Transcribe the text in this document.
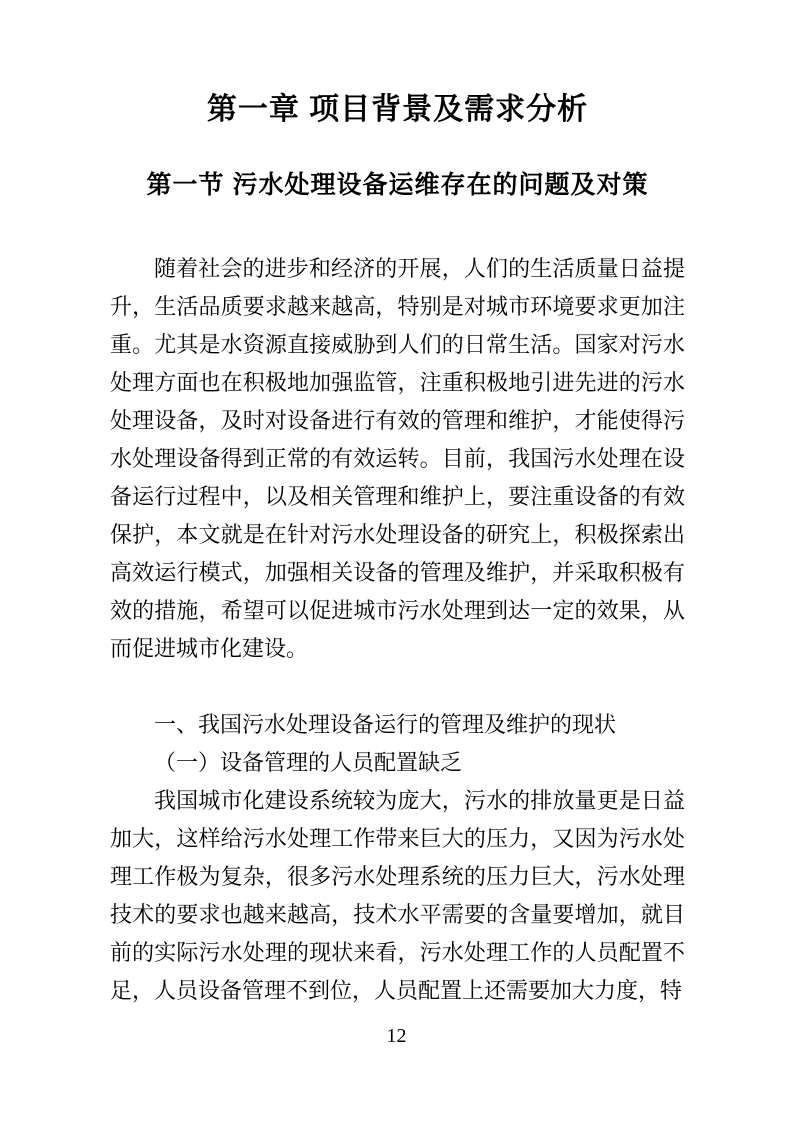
第一章 项目背景及需求分析
第一节 污水处理设备运维存在的问题及对策

随着社会的进步和经济的开展，人们的生活质量日益提升，生活品质要求越来越高，特别是对城市环境要求更加注重。尤其是水资源直接威胁到人们的日常生活。国家对污水处理方面也在积极地加强监管，注重积极地引进先进的污水处理设备，及时对设备进行有效的管理和维护，才能使得污水处理设备得到正常的有效运转。目前，我国污水处理在设备运行过程中，以及相关管理和维护上，要注重设备的有效保护，本文就是在针对污水处理设备的研究上，积极探索出高效运行模式，加强相关设备的管理及维护，并采取积极有效的措施，希望可以促进城市污水处理到达一定的效果，从而促进城市化建设。

一、我国污水处理设备运行的管理及维护的现状

（一）设备管理的人员配置缺乏

我国城市化建设系统较为庞大，污水的排放量更是日益加大，这样给污水处理工作带来巨大的压力，又因为污水处理工作极为复杂，很多污水处理系统的压力巨大，污水处理技术的要求也越来越高，技术水平需要的含量要增加，就目前的实际污水处理的现状来看，污水处理工作的人员配置不足，人员设备管理不到位，人员配置上还需要加大力度，特

12
